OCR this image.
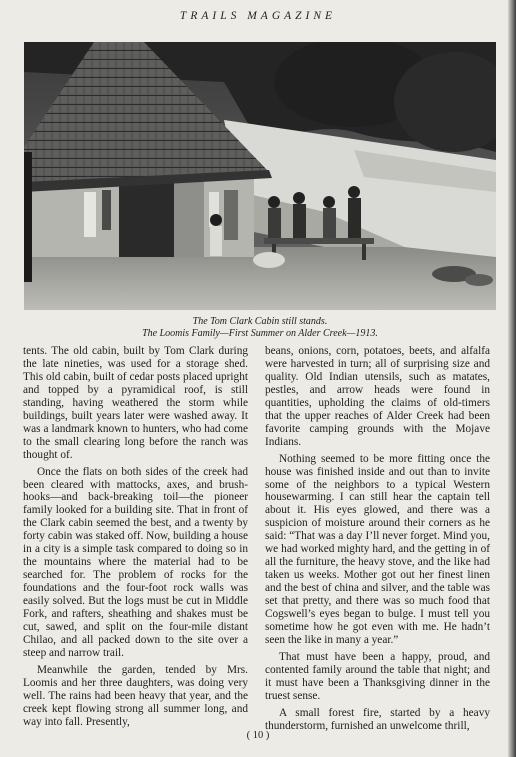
TRAILS MAGAZINE
The Tom Clark Cabin still stands.
The Loomis Family—First Summer on Alder Creek—1913.

tents. The old cabin, built by Tom Clark during the late nineties, was used for a storage shed. This old cabin, built of cedar posts placed upright and topped by a pyramidical roof, is still standing, having weathered the storm while buildings, built years later were washed away. It was a landmark known to hunters, who had come to the small clearing long before the ranch was thought of.

Once the flats on both sides of the creek had been cleared with mattocks, axes, and brush-hooks—and back-breaking toil—the pioneer family looked for a building site. That in front of the Clark cabin seemed the best, and a twenty by forty cabin was staked off. Now, building a house in a city is a simple task compared to doing so in the mountains where the material had to be searched for. The problem of rocks for the foundations and the four-foot rock walls was easily solved. But the logs must be cut in Middle Fork, and rafters, sheathing and shakes must be cut, sawed, and split on the four-mile distant Chilao, and all packed down to the site over a steep and narrow trail.

Meanwhile the garden, tended by Mrs. Loomis and her three daughters, was doing very well. The rains had been heavy that year, and the creek kept flowing strong all summer long, and way into fall. Presently,

beans, onions, corn, potatoes, beets, and alfalfa were harvested in turn; all of surprising size and quality. Old Indian utensils, such as matates, pestles, and arrow heads were found in quantities, upholding the claims of old-timers that the upper reaches of Alder Creek had been favorite camping grounds with the Mojave Indians.

Nothing seemed to be more fitting once the house was finished inside and out than to invite some of the neighbors to a typical Western housewarming. I can still hear the captain tell about it. His eyes glowed, and there was a suspicion of moisture around their corners as he said: “That was a day I’ll never forget. Mind you, we had worked mighty hard, and the getting in of all the furniture, the heavy stove, and the like had taken us weeks. Mother got out her finest linen and the best of china and silver, and the table was set that pretty, and there was so much food that Cogswell’s eyes began to bulge. I must tell you sometime how he got even with me. He hadn’t seen the like in many a year.”

That must have been a happy, proud, and contented family around the table that night; and it must have been a Thanksgiving dinner in the truest sense.

A small forest fire, started by a heavy thunderstorm, furnished an unwelcome thrill,

( 10 )
